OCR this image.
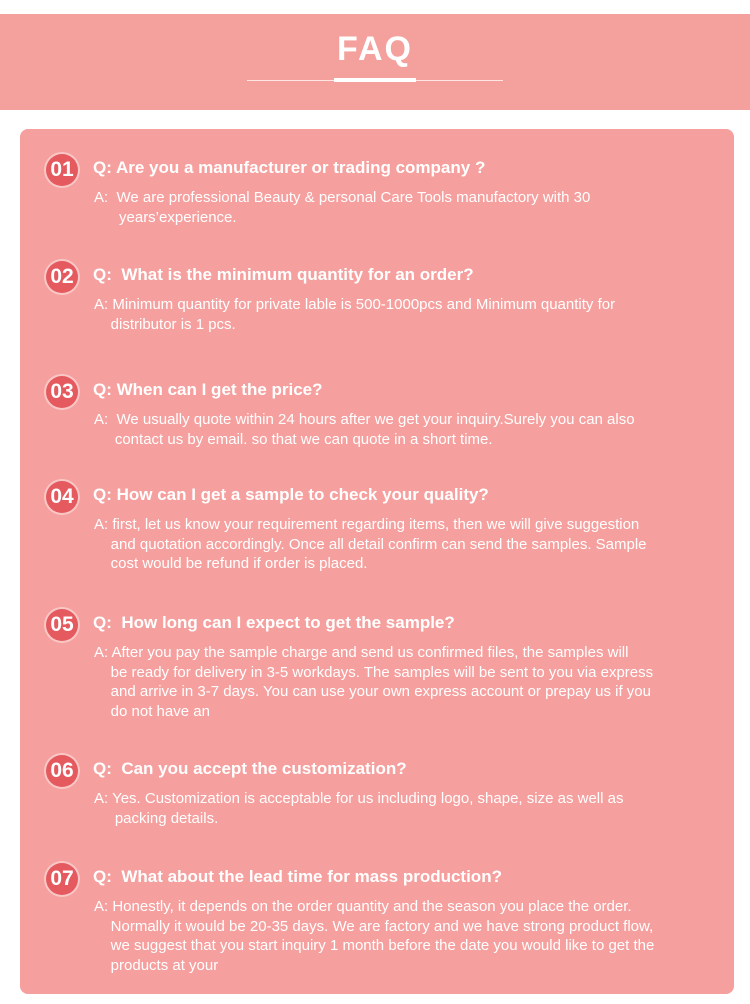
FAQ
01 Q: Are you a manufacturer or trading company ?
A:  We are professional Beauty & personal Care Tools manufactory with 30
years’experience.
02 Q:  What is the minimum quantity for an order?
A: Minimum quantity for private lable is 500-1000pcs and Minimum quantity for
distributor is 1 pcs.
03 Q: When can I get the price?
A:  We usually quote within 24 hours after we get your inquiry.Surely you can also
contact us by email. so that we can quote in a short time.
04 Q: How can I get a sample to check your quality?
A: first, let us know your requirement regarding items, then we will give suggestion
and quotation accordingly. Once all detail confirm can send the samples. Sample
cost would be refund if order is placed.
05 Q:  How long can I expect to get the sample?
A: After you pay the sample charge and send us confirmed files, the samples will
be ready for delivery in 3-5 workdays. The samples will be sent to you via express
and arrive in 3-7 days. You can use your own express account or prepay us if you
do not have an
06 Q:  Can you accept the customization?
A: Yes. Customization is acceptable for us including logo, shape, size as well as
packing details.
07 Q:  What about the lead time for mass production?
A: Honestly, it depends on the order quantity and the season you place the order.
Normally it would be 20-35 days. We are factory and we have strong product flow,
we suggest that you start inquiry 1 month before the date you would like to get the
products at your
